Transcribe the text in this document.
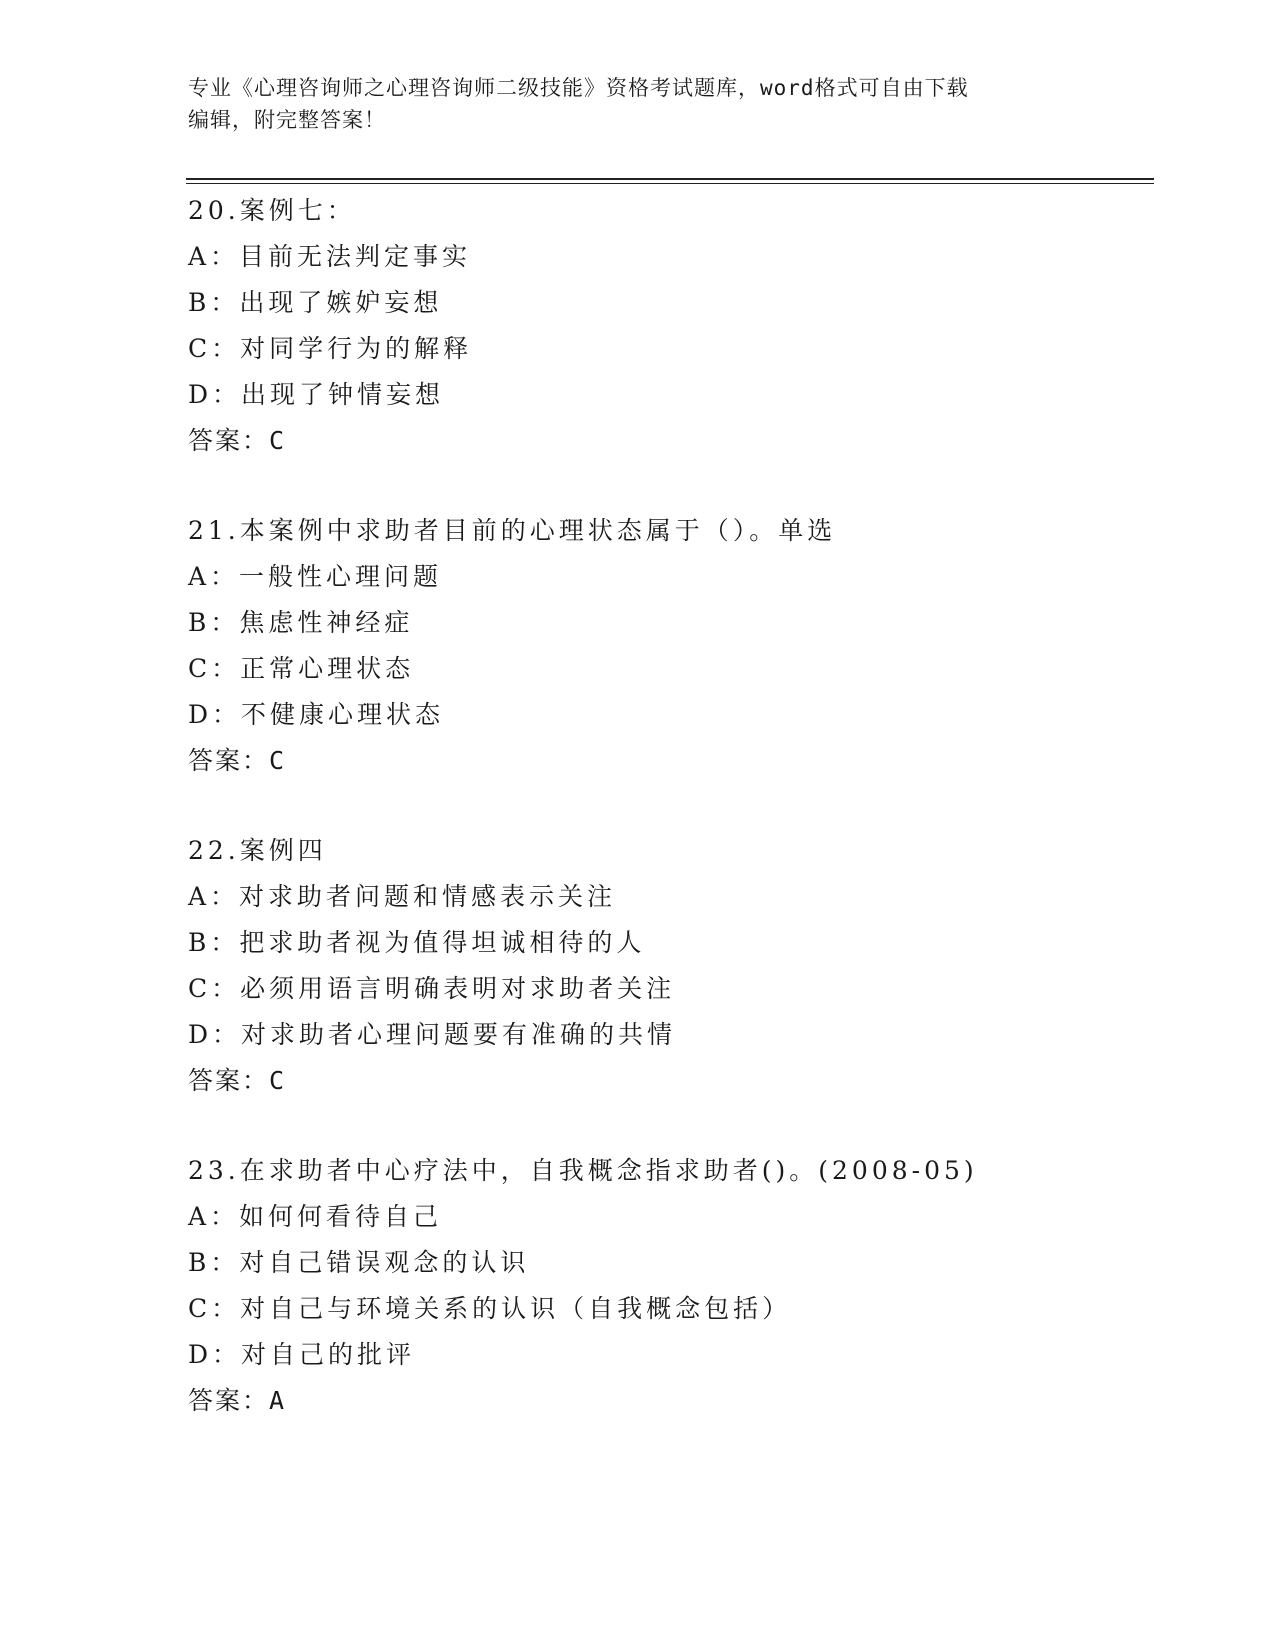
专业《心理咨询师之心理咨询师二级技能》资格考试题库，word格式可自由下载
编辑，附完整答案！
20.案例七：
A：目前无法判定事实
B：出现了嫉妒妄想
C：对同学行为的解释
D：出现了钟情妄想
答案：C
21.本案例中求助者目前的心理状态属于（）。单选
A：一般性心理问题
B：焦虑性神经症
C：正常心理状态
D：不健康心理状态
答案：C
22.案例四
A：对求助者问题和情感表示关注
B：把求助者视为值得坦诚相待的人
C：必须用语言明确表明对求助者关注
D：对求助者心理问题要有准确的共情
答案：C
23.在求助者中心疗法中，自我概念指求助者()。(2008-05)
A：如何何看待自己
B：对自己错误观念的认识
C：对自己与环境关系的认识（自我概念包括）
D：对自己的批评
答案：A
